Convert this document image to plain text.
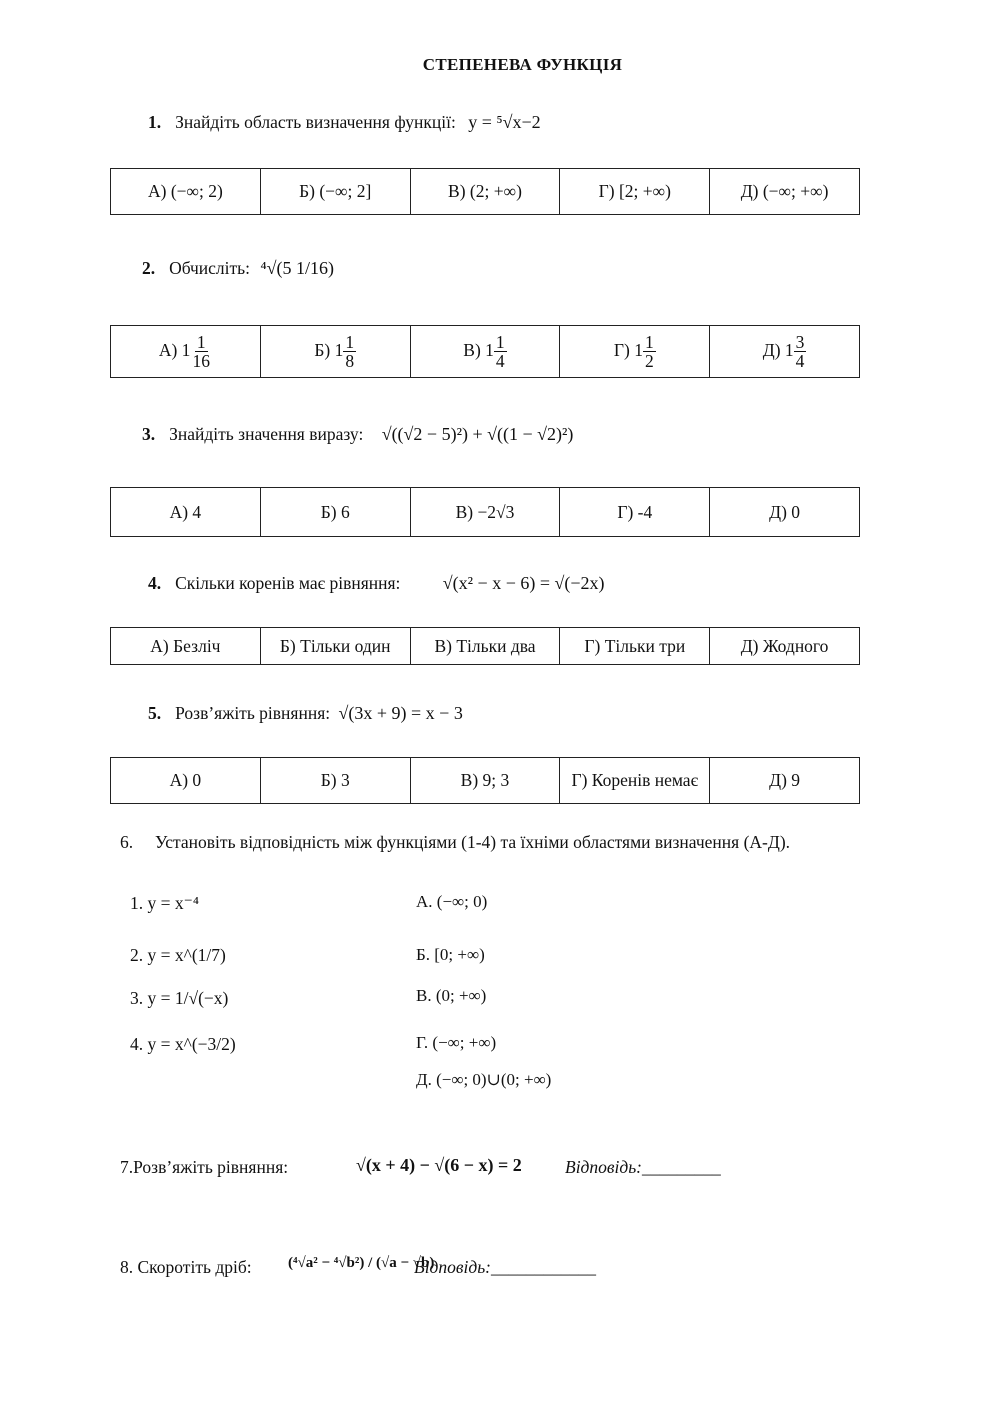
СТЕПЕНЕВА ФУНКЦІЯ
1. Знайдіть область визначення функції: y = ⁵√x−2
А) (−∞; 2)	Б) (−∞; 2]	В) (2; +∞)	Г) [2; +∞)	Д) (−∞; +∞)
2. Обчисліть: ⁴√(5 1/16)
А) $1 \frac{1}{16}$	Б) $1 \frac{1}{8}$	В) $1 \frac{1}{4}$	Г) $1 \frac{1}{2}$	Д) $1 \frac{3}{4}$
3. Знайдіть значення виразу: √((√2 − 5)²) + √((1 − √2)²)
А) 4	Б) 6	В) −2√3	Г) -4	Д) 0
4. Скільки коренів має рівняння: √(x² − x − 6) = √(−2x)
А) Безліч	Б) Тільки один	В) Тільки два	Г) Тільки три	Д) Жодного
5. Розв’яжіть рівняння: √(3x + 9) = x − 3
А) 0	Б) 3	В) 9; 3	Г) Коренів немає	Д) 9
6.  Установіть відповідність між функціями (1-4) та їхніми областями визначення (А-Д).
1. y = x⁻⁴
2. y = x^(1/7)
3. y = 1/√(−x)
4. y = x^(−3/2)
А. (−∞; 0)
Б. [0; +∞)
В. (0; +∞)
Г. (−∞; +∞)
Д. (−∞; 0)∪(0; +∞)
7.Розв’яжіть рівняння:	√(x + 4) − √(6 − x) = 2 Відповідь:_________
8. Скоротіть дріб: (⁴√a² − ⁴√b²) / (√a − √b)
Відповідь:____________
